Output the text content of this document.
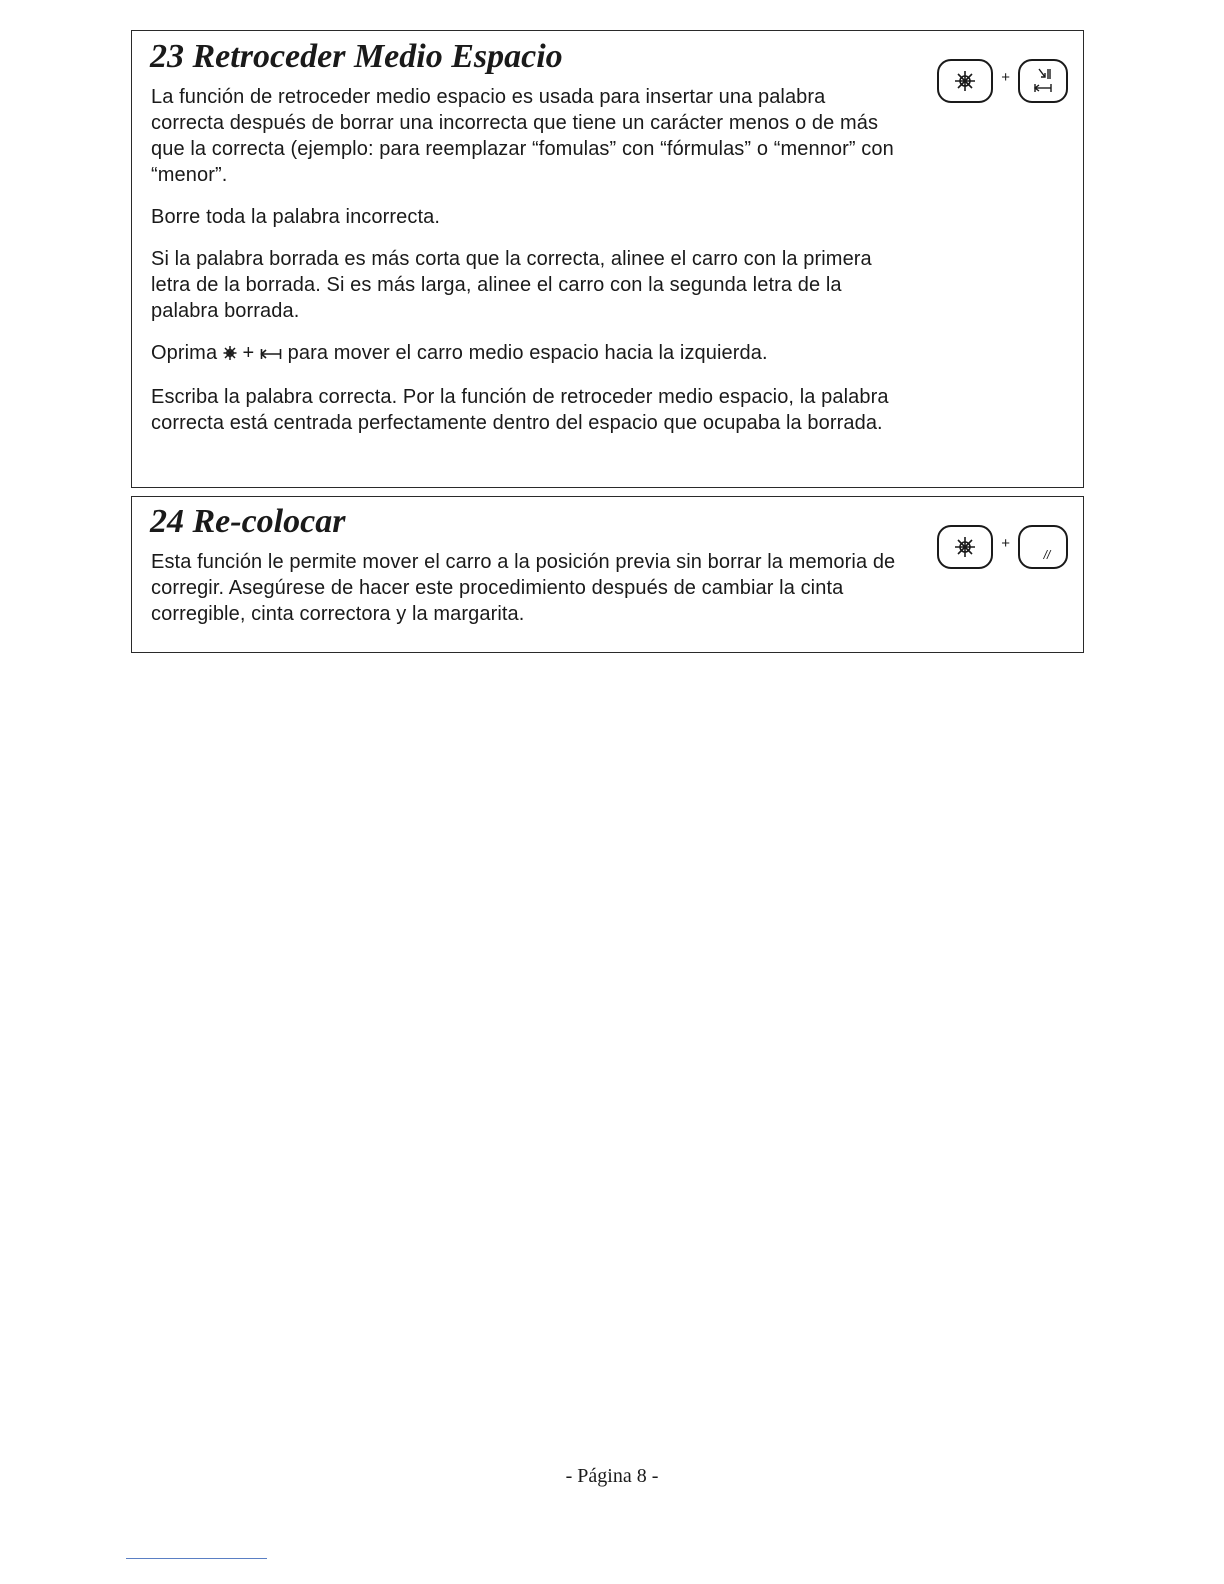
23 Retroceder Medio Espacio
+

La función de retroceder medio espacio es usada para insertar una palabra correcta después de borrar una incorrecta que tiene un carácter menos o de más que la correcta (ejemplo: para reemplazar “fomulas” con “fórmulas” o “mennor” con “menor”.

Borre toda la palabra incorrecta.

Si la palabra borrada es más corta que la correcta, alinee el carro con la primera letra de la borrada. Si es más larga, alinee el carro con la segunda letra de la palabra borrada.

Oprima + para mover el carro medio espacio hacia la izquierda.

Escriba la palabra correcta. Por la función de retroceder medio espacio, la palabra correcta está centrada perfectamente dentro del espacio que ocupaba la borrada.

24 Re-colocar
+
//

Esta función le permite mover el carro a la posición previa sin borrar la memoria de corregir. Asegúrese de hacer este procedimiento después de cambiar la cinta corregible, cinta correctora y la margarita.

- Página 8 -
